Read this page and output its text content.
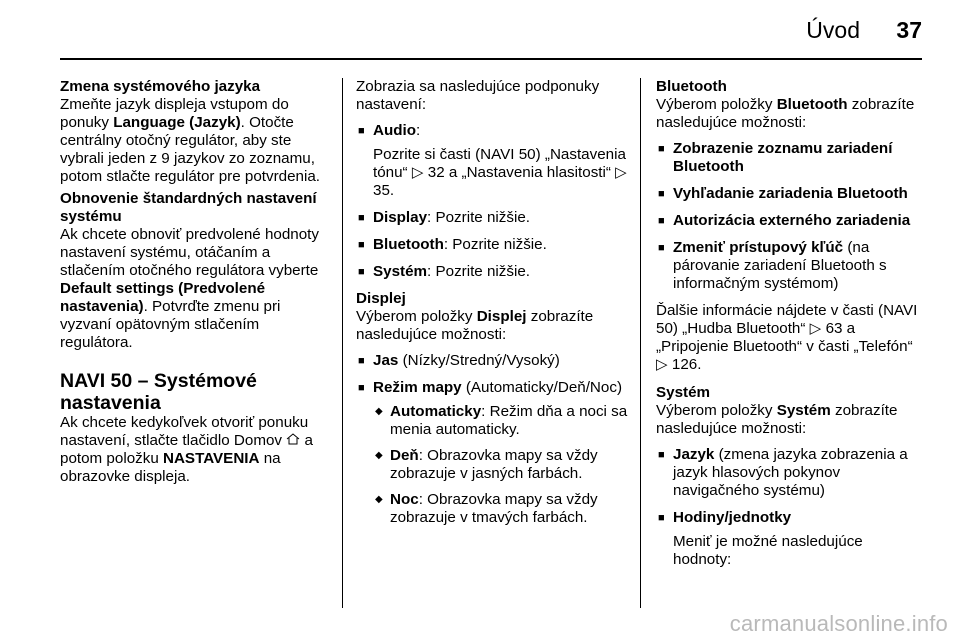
Úvod 37
Zmena systémového jazyka

Zmeňte jazyk displeja vstupom do ponuky Language (Jazyk). Otočte centrálny otočný regulátor, aby ste vybrali jeden z 9 jazykov zo zoznamu, potom stlačte regulátor pre potvrdenia.

Obnovenie štandardných nastavení systému

Ak chcete obnoviť predvolené hodnoty nastavení systému, otáčaním a stlačením otočného regulátora vyberte Default settings (Predvolené nastavenia). Potvrďte zmenu pri vyzvaní opätovným stlačením regulátora.

NAVI 50 – Systémové nastavenia

Ak chcete kedykoľvek otvoriť ponuku nastavení, stlačte tlačidlo Domov  a potom položku NASTAVENIA na obrazovke displeja.

Zobrazia sa nasledujúce podponuky nastavení:

■ Audio:

Pozrite si časti (NAVI 50) „Nastavenia tónu“ ▷ 32 a „Nastavenia hlasitosti“ ▷ 35.

■ Display: Pozrite nižšie.
■ Bluetooth: Pozrite nižšie.
■ Systém: Pozrite nižšie.
Displej

Výberom položky Displej zobrazíte nasledujúce možnosti:

■ Jas (Nízky/Stredný/Vysoký)
■ Režim mapy (Automaticky/Deň/Noc)
◆ Automaticky: Režim dňa a noci sa menia automaticky.
◆ Deň: Obrazovka mapy sa vždy zobrazuje v jasných farbách.
◆ Noc: Obrazovka mapy sa vždy zobrazuje v tmavých farbách.
Bluetooth

Výberom položky Bluetooth zobrazíte nasledujúce možnosti:

■ Zobrazenie zoznamu zariadení Bluetooth
■ Vyhľadanie zariadenia Bluetooth
■ Autorizácia externého zariadenia
■ Zmeniť prístupový kľúč (na párovanie zariadení Bluetooth s informačným systémom)

Ďalšie informácie nájdete v časti (NAVI 50) „Hudba Bluetooth“ ▷ 63 a „Pripojenie Bluetooth“ v časti „Telefón“ ▷ 126.

Systém

Výberom položky Systém zobrazíte nasledujúce možnosti:

■ Jazyk (zmena jazyka zobrazenia a jazyk hlasových pokynov navigačného systému)
■ Hodiny/jednotky

Meniť je možné nasledujúce hodnoty:

carmanualsonline.info
